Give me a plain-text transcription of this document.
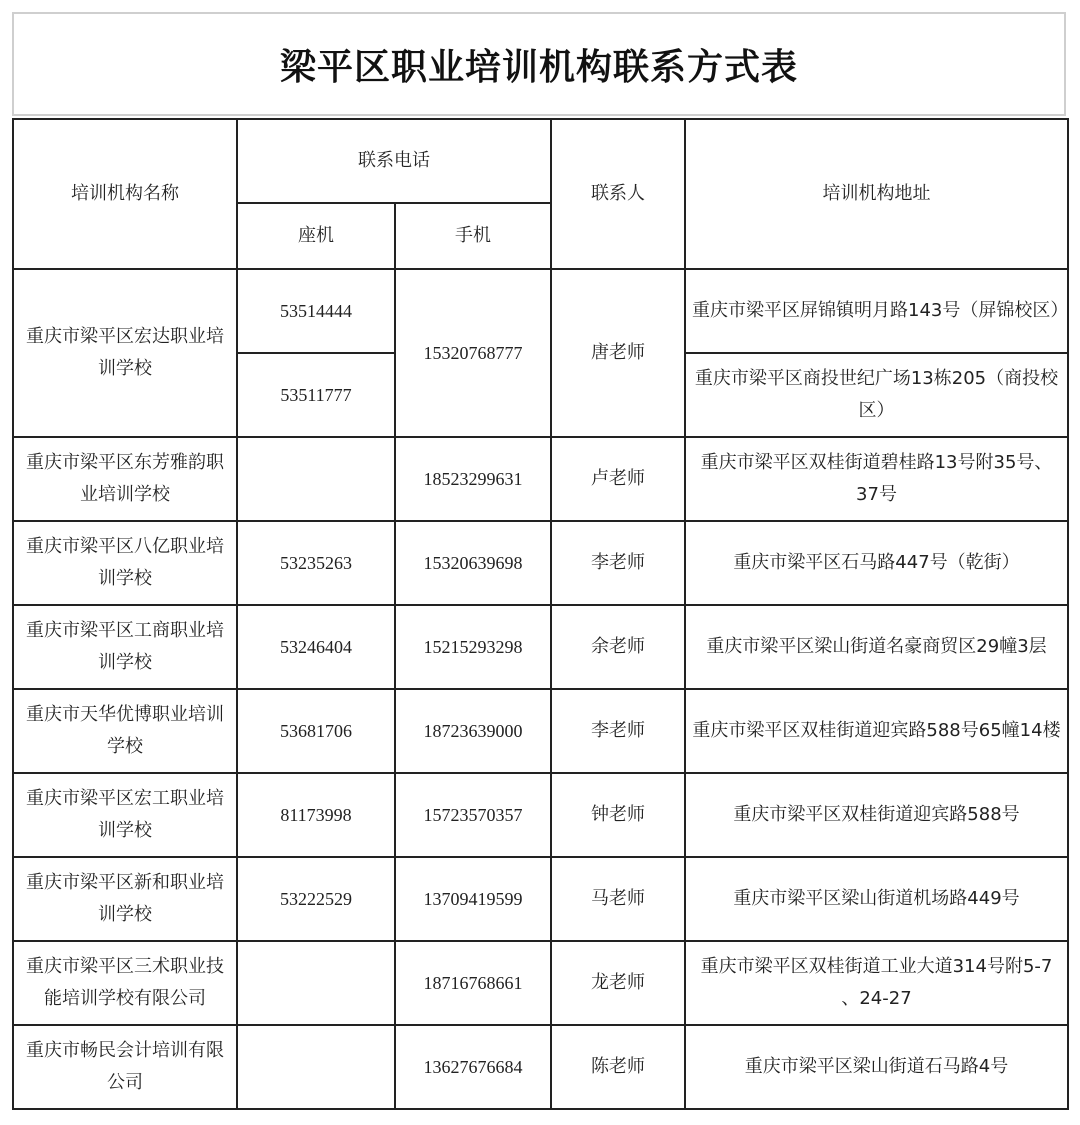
梁平区职业培训机构联系方式表
培训机构名称	联系电话		联系人	培训机构地址
	座机	手机		
重庆市梁平区宏达职业培训学校	53514444	15320768777	唐老师	重庆市梁平区屏锦镇明月路143号（屏锦校区）
	53511777			重庆市梁平区商投世纪广场13栋205（商投校区）
重庆市梁平区东芳雅韵职业培训学校		18523299631	卢老师	重庆市梁平区双桂街道碧桂路13号附35号、37号
重庆市梁平区八亿职业培训学校	53235263	15320639698	李老师	重庆市梁平区石马路447号（乾街）
重庆市梁平区工商职业培训学校	53246404	15215293298	余老师	重庆市梁平区梁山街道名豪商贸区29幢3层
重庆市天华优博职业培训学校	53681706	18723639000	李老师	重庆市梁平区双桂街道迎宾路588号65幢14楼
重庆市梁平区宏工职业培训学校	81173998	15723570357	钟老师	重庆市梁平区双桂街道迎宾路588号
重庆市梁平区新和职业培训学校	53222529	13709419599	马老师	重庆市梁平区梁山街道机场路449号
重庆市梁平区三术职业技能培训学校有限公司		18716768661	龙老师	重庆市梁平区双桂街道工业大道314号附5-7 、24-27
重庆市畅民会计培训有限公司		13627676684	陈老师	重庆市梁平区梁山街道石马路4号
